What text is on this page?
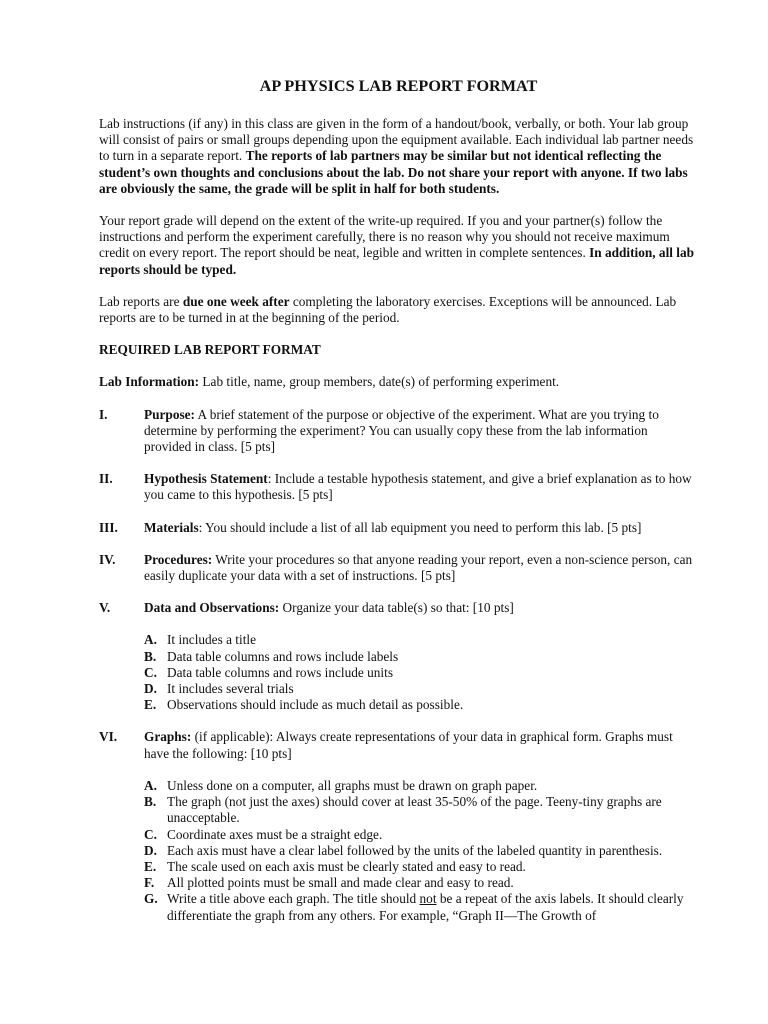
AP PHYSICS LAB REPORT FORMAT

Lab instructions (if any) in this class are given in the form of a handout/book, verbally, or both. Your lab group will consist of pairs or small groups depending upon the equipment available. Each individual lab partner needs to turn in a separate report. The reports of lab partners may be similar but not identical reflecting the student’s own thoughts and conclusions about the lab. Do not share your report with anyone. If two labs are obviously the same, the grade will be split in half for both students.

Your report grade will depend on the extent of the write-up required. If you and your partner(s) follow the instructions and perform the experiment carefully, there is no reason why you should not receive maximum credit on every report. The report should be neat, legible and written in complete sentences. In addition, all lab reports should be typed.

Lab reports are due one week after completing the laboratory exercises. Exceptions will be announced. Lab reports are to be turned in at the beginning of the period.

REQUIRED LAB REPORT FORMAT

Lab Information: Lab title, name, group members, date(s) of performing experiment.

I.	Purpose: A brief statement of the purpose or objective of the experiment. What are you trying to determine by performing the experiment? You can usually copy these from the lab information provided in class. [5 pts]
II.	Hypothesis Statement: Include a testable hypothesis statement, and give a brief explanation as to how you came to this hypothesis. [5 pts]
III.	Materials: You should include a list of all lab equipment you need to perform this lab. [5 pts]
IV.	Procedures: Write your procedures so that anyone reading your report, even a non-science person, can easily duplicate your data with a set of instructions. [5 pts]
V.	Data and Observations: Organize your data table(s) so that: [10 pts]
A. It includes a title
B. Data table columns and rows include labels
C. Data table columns and rows include units
D. It includes several trials
E. Observations should include as much detail as possible.
VI.	Graphs: (if applicable): Always create representations of your data in graphical form. Graphs must have the following: [10 pts]
A. Unless done on a computer, all graphs must be drawn on graph paper.
B. The graph (not just the axes) should cover at least 35-50% of the page. Teeny-tiny graphs are unacceptable.
C. Coordinate axes must be a straight edge.
D. Each axis must have a clear label followed by the units of the labeled quantity in parenthesis.
E. The scale used on each axis must be clearly stated and easy to read.
F. All plotted points must be small and made clear and easy to read.
G. Write a title above each graph. The title should not be a repeat of the axis labels. It should clearly differentiate the graph from any others. For example, “Graph II—The Growth of
